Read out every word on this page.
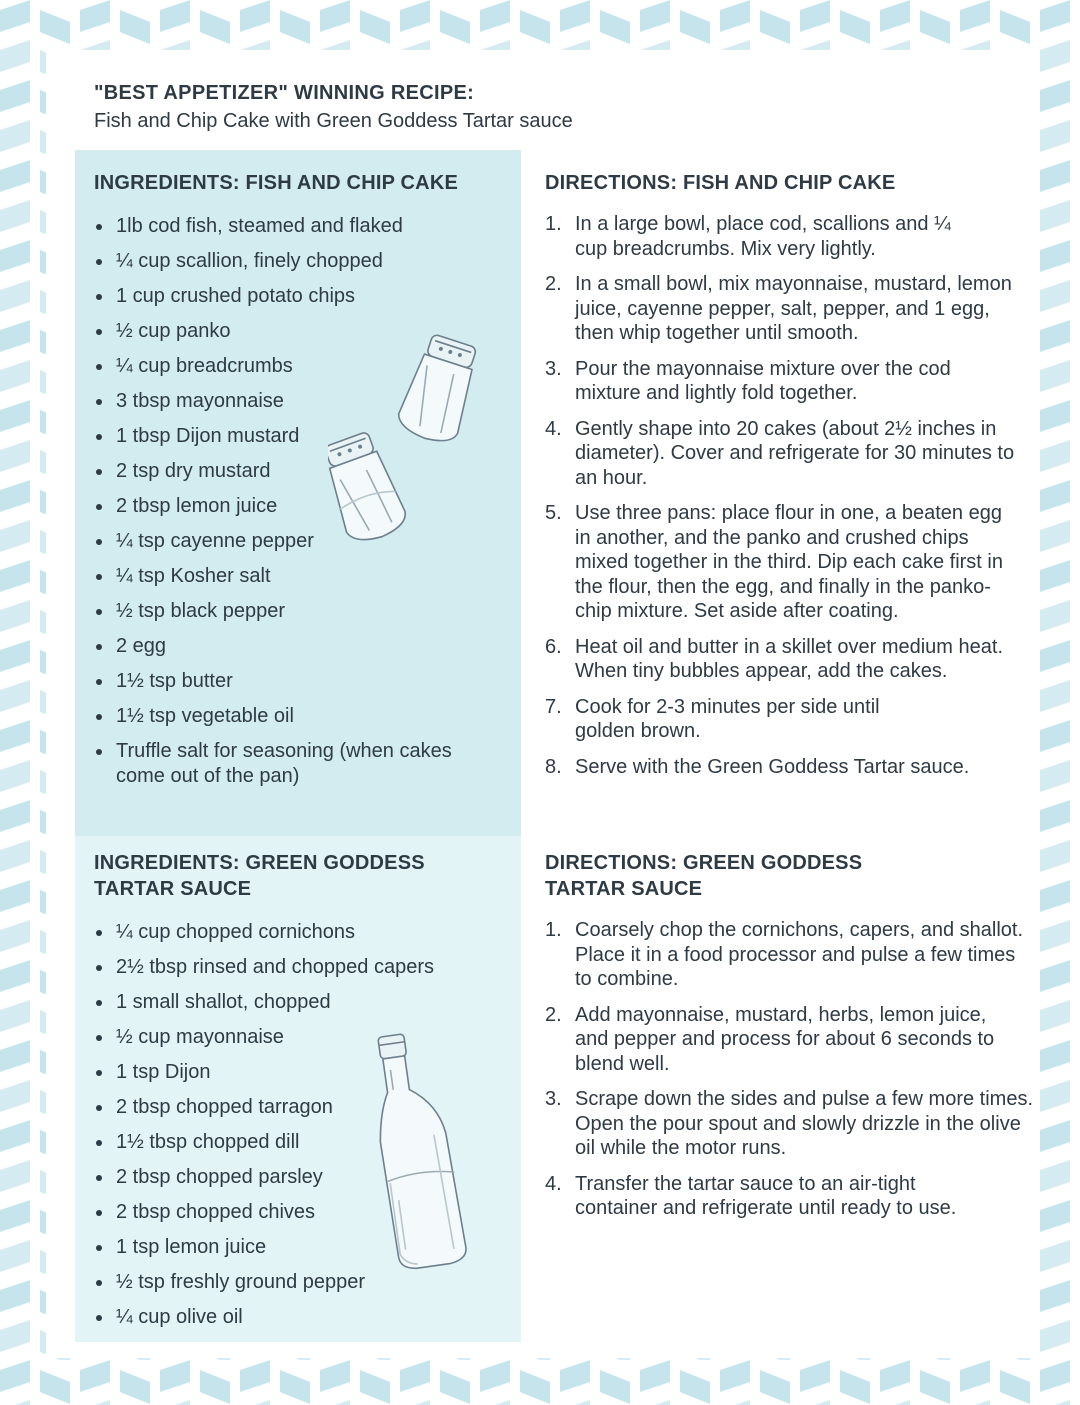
"BEST APPETIZER" WINNING RECIPE:

Fish and Chip Cake with Green Goddess Tartar sauce

INGREDIENTS: FISH AND CHIP CAKE

1lb cod fish, steamed and flaked
¼ cup scallion, finely chopped
1 cup crushed potato chips
½ cup panko
¼ cup breadcrumbs
3 tbsp mayonnaise
1 tbsp Dijon mustard
2 tsp dry mustard
2 tbsp lemon juice
¼ tsp cayenne pepper
¼ tsp Kosher salt
½ tsp black pepper
2 egg
1½ tsp butter
1½ tsp vegetable oil
Truffle salt for seasoning (when cakes come out of the pan)

DIRECTIONS: FISH AND CHIP CAKE

1. In a large bowl, place cod, scallions and ¼ cup breadcrumbs. Mix very lightly.
2. In a small bowl, mix mayonnaise, mustard, lemon juice, cayenne pepper, salt, pepper, and 1 egg, then whip together until smooth.
3. Pour the mayonnaise mixture over the cod mixture and lightly fold together.
4. Gently shape into 20 cakes (about 2½ inches in diameter). Cover and refrigerate for 30 minutes to an hour.
5. Use three pans: place flour in one, a beaten egg in another, and the panko and crushed chips mixed together in the third. Dip each cake first in the flour, then the egg, and finally in the panko-chip mixture. Set aside after coating.
6. Heat oil and butter in a skillet over medium heat. When tiny bubbles appear, add the cakes.
7. Cook for 2-3 minutes per side until golden brown.
8. Serve with the Green Goddess Tartar sauce.

INGREDIENTS: GREEN GODDESS

TARTAR SAUCE

¼ cup chopped cornichons
2½ tbsp rinsed and chopped capers
1 small shallot, chopped
½ cup mayonnaise
1 tsp Dijon
2 tbsp chopped tarragon
1½ tbsp chopped dill
2 tbsp chopped parsley
2 tbsp chopped chives
1 tsp lemon juice
½ tsp freshly ground pepper
¼ cup olive oil

DIRECTIONS: GREEN GODDESS

TARTAR SAUCE

1. Coarsely chop the cornichons, capers, and shallot. Place it in a food processor and pulse a few times to combine.
2. Add mayonnaise, mustard, herbs, lemon juice, and pepper and process for about 6 seconds to blend well.
3. Scrape down the sides and pulse a few more times. Open the pour spout and slowly drizzle in the olive oil while the motor runs.
4. Transfer the tartar sauce to an air-tight container and refrigerate until ready to use.
